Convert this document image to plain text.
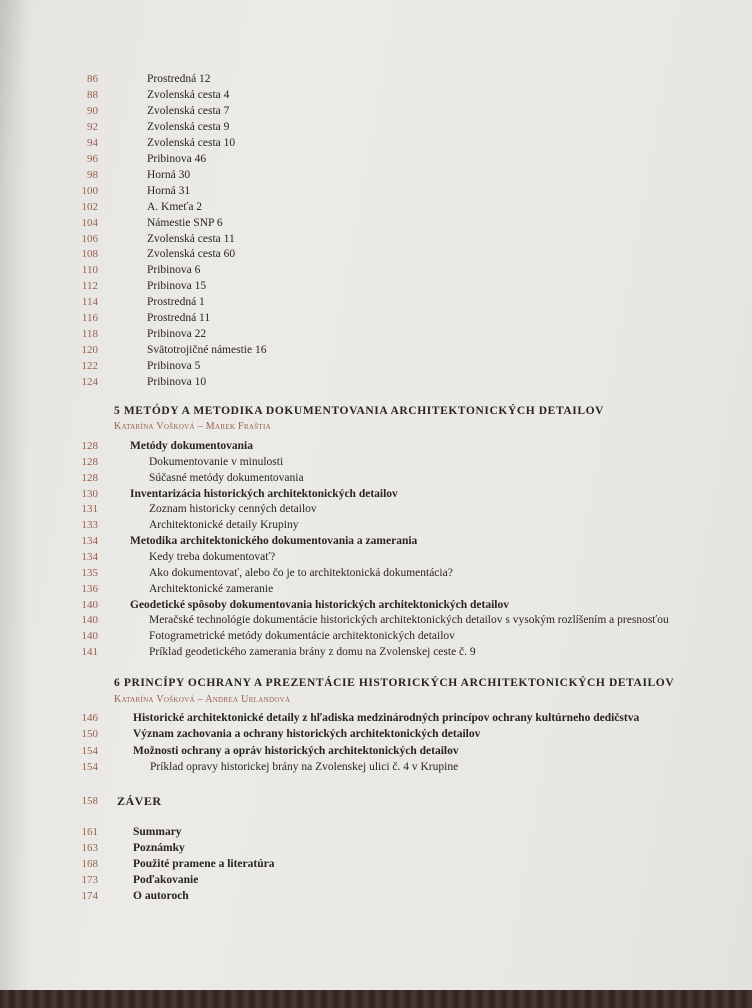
86	Prostredná 12
88	Zvolenská cesta 4
90	Zvolenská cesta 7
92	Zvolenská cesta 9
94	Zvolenská cesta 10
96	Pribinova 46
98	Horná 30
100	Horná 31
102	A. Kmeťa 2
104	Námestie SNP 6
106	Zvolenská cesta 11
108	Zvolenská cesta 60
110	Pribinova 6
112	Pribinova 15
114	Prostredná 1
116	Prostredná 11
118	Pribinova 22
120	Svätotrojičné námestie 16
122	Pribinova 5
124	Pribinova 10
5 METÓDY A METODIKA DOKUMENTOVANIA ARCHITEKTONICKÝCH DETAILOV
Katarína Vošková – Marek Fraštia
128	Metódy dokumentovania
128	Dokumentovanie v minulosti
128	Súčasné metódy dokumentovania
130	Inventarizácia historických architektonických detailov
131	Zoznam historicky cenných detailov
133	Architektonické detaily Krupiny
134	Metodika architektonického dokumentovania a zamerania
134	Kedy treba dokumentovať?
135	Ako dokumentovať, alebo čo je to architektonická dokumentácia?
136	Architektonické zameranie
140	Geodetické spôsoby dokumentovania historických architektonických detailov
140	Meračské technológie dokumentácie historických architektonických detailov s vysokým rozlíšením a presnosťou
140	Fotogrametrické metódy dokumentácie architektonických detailov
141	Príklad geodetického zamerania brány z domu na Zvolenskej ceste č. 9
6 PRINCÍPY OCHRANY A PREZENTÁCIE HISTORICKÝCH ARCHITEKTONICKÝCH DETAILOV
Katarína Vošková – Andrea Urlandová
146	Historické architektonické detaily z hľadiska medzinárodných princípov ochrany kultúrneho dedičstva
150	Význam zachovania a ochrany historických architektonických detailov
154	Možnosti ochrany a opráv historických architektonických detailov
154	Príklad opravy historickej brány na Zvolenskej ulici č. 4 v Krupine
158 ZÁVER
161	Summary
163	Poznámky
168	Použité pramene a literatúra
173	Poďakovanie
174	O autoroch
